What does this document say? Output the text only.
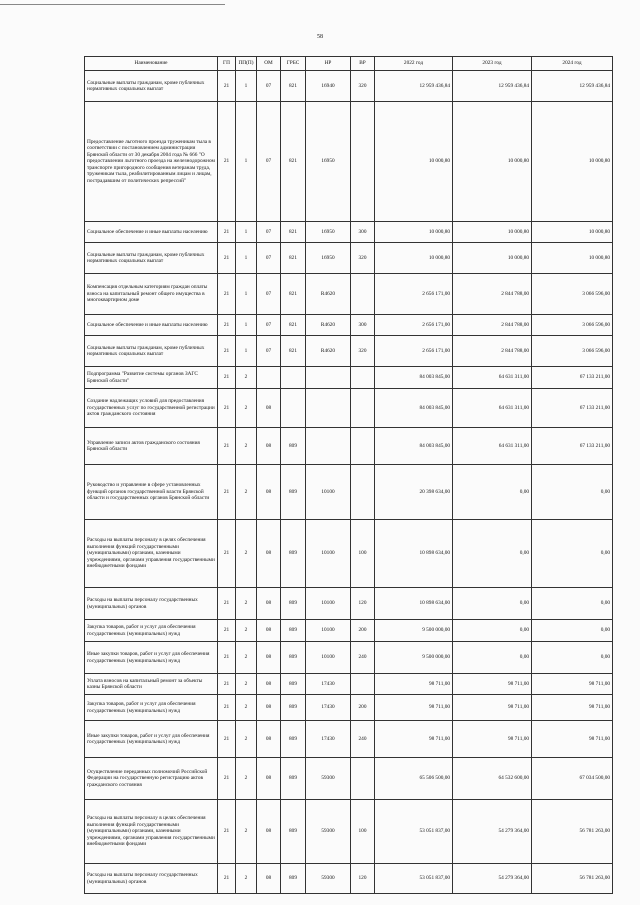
58
Наименование	ГП	ПП(П)	ОМ	ГРБС	НР	ВР	2022 год	2023 год	2024 год
Социальные выплаты гражданам, кроме публичных нормативных социальных выплат	21	1	07	821	16940	320	12 959 436,84	12 959 436,84	12 959 436,84
Предоставление льготного проезда труженикам тыла в соответствии с постановлением администрации Брянской области от 30 декабря 2004 года № 666 "О предоставлении льготного проезда на железнодорожном транспорте пригородного сообщения ветеранам труда, труженикам тыла, реабилитированным лицам и лицам, пострадавшим от политических репрессий"	21	1	07	821	16950		10 000,80	10 000,80	10 000,80
Социальное обеспечение и иные выплаты населению	21	1	07	821	16950	300	10 000,80	10 000,80	10 000,80
Социальные выплаты гражданам, кроме публичных нормативных социальных выплат	21	1	07	821	16950	320	10 000,80	10 000,80	10 000,80
Компенсация отдельным категориям граждан оплаты взноса на капитальный ремонт общего имущества в многоквартирном доме	21	1	07	821	R4620		2 656 171,00	2 844 788,00	3 066 596,00
Социальное обеспечение и иные выплаты населению	21	1	07	821	R4620	300	2 656 171,00	2 844 788,00	3 066 596,00
Социальные выплаты гражданам, кроме публичных нормативных социальных выплат	21	1	07	821	R4620	320	2 656 171,00	2 844 788,00	3 066 596,00
Подпрограмма "Развитие системы органов ЗАГС Брянской области"	21	2					84 003 845,00	64 631 311,00	67 133 211,00
Создание надлежащих условий для предоставления государственных услуг по государственной регистрации актов гражданского состояния	21	2	08				84 003 845,00	64 631 311,00	67 133 211,00
Управление записи актов гражданского состояния Брянской области	21	2	08	809			84 003 845,00	64 631 311,00	67 133 211,00
Руководство и управление в сфере установленных функций органов государственной власти Брянской области и государственных органов Брянской области	21	2	08	809	10100		20 398 634,00	0,00	0,00
Расходы на выплаты персоналу в целях обеспечения выполнения функций государственными (муниципальными) органами, казенными учреждениями, органами управления государственными внебюджетными фондами	21	2	08	809	10100	100	10 898 634,00	0,00	0,00
Расходы на выплаты персоналу государственных (муниципальных) органов	21	2	08	809	10100	120	10 898 634,00	0,00	0,00
Закупка товаров, работ и услуг для обеспечения государственных (муниципальных) нужд	21	2	08	809	10100	200	9 500 000,00	0,00	0,00
Иные закупки товаров, работ и услуг для обеспечения государственных (муниципальных) нужд	21	2	08	809	10100	240	9 500 000,00	0,00	0,00
Уплата взносов на капитальный ремонт за объекты казны Брянской области	21	2	08	809	17430		98 711,00	98 711,00	98 711,00
Закупка товаров, работ и услуг для обеспечения государственных (муниципальных) нужд	21	2	08	809	17430	200	98 711,00	98 711,00	98 711,00
Иные закупки товаров, работ и услуг для обеспечения государственных (муниципальных) нужд	21	2	08	809	17430	240	98 711,00	98 711,00	98 711,00
Осуществление переданных полномочий Российской Федерации на государственную регистрацию актов гражданского состояния	21	2	08	809	59300		65 506 500,00	64 532 600,00	67 034 500,00
Расходы на выплаты персоналу в целях обеспечения выполнения функций государственными (муниципальными) органами, казенными учреждениями, органами управления государственными внебюджетными фондами	21	2	08	809	59300	100	53 051 837,00	54 279 364,00	56 781 263,00
Расходы на выплаты персоналу государственных (муниципальных) органов	21	2	08	809	59300	120	53 051 837,00	54 279 364,00	56 781 263,00
